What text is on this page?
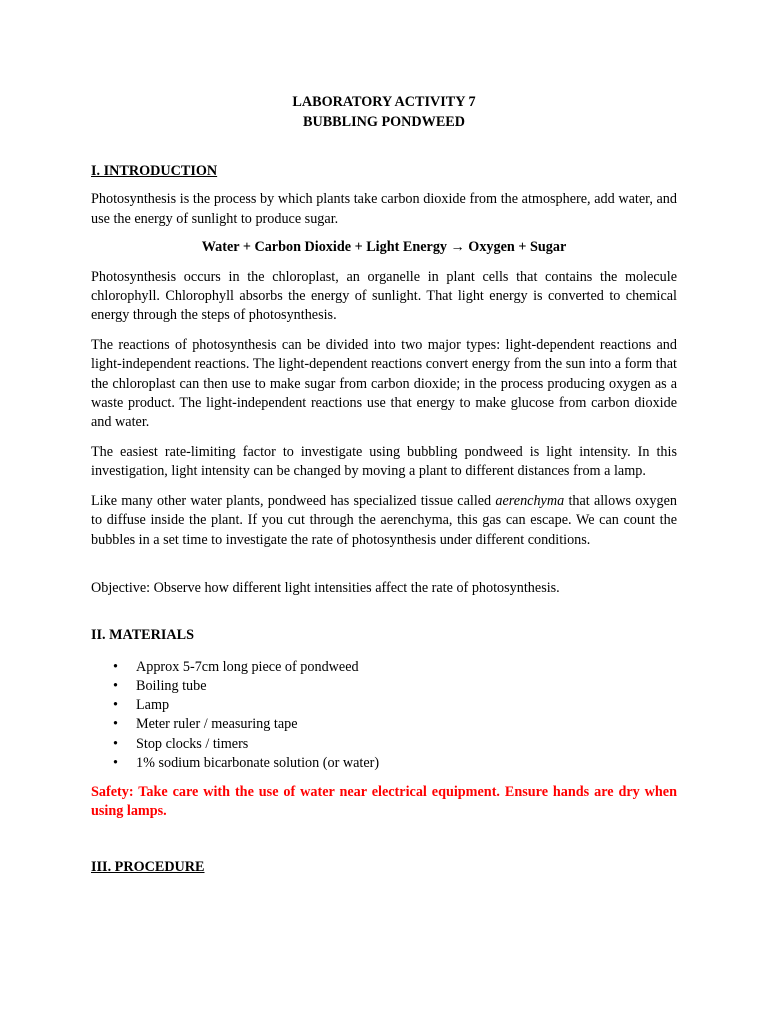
LABORATORY ACTIVITY 7
BUBBLING PONDWEED
I. INTRODUCTION

Photosynthesis is the process by which plants take carbon dioxide from the atmosphere, add water, and use the energy of sunlight to produce sugar.

Water + Carbon Dioxide + Light Energy → Oxygen + Sugar

Photosynthesis occurs in the chloroplast, an organelle in plant cells that contains the molecule chlorophyll. Chlorophyll absorbs the energy of sunlight. That light energy is converted to chemical energy through the steps of photosynthesis.

The reactions of photosynthesis can be divided into two major types: light-dependent reactions and light-independent reactions. The light-dependent reactions convert energy from the sun into a form that the chloroplast can then use to make sugar from carbon dioxide; in the process producing oxygen as a waste product. The light-independent reactions use that energy to make glucose from carbon dioxide and water.

The easiest rate-limiting factor to investigate using bubbling pondweed is light intensity. In this investigation, light intensity can be changed by moving a plant to different distances from a lamp.

Like many other water plants, pondweed has specialized tissue called aerenchyma that allows oxygen to diffuse inside the plant. If you cut through the aerenchyma, this gas can escape. We can count the bubbles in a set time to investigate the rate of photosynthesis under different conditions.

Objective: Observe how different light intensities affect the rate of photosynthesis.

II. MATERIALS
• Approx 5-7cm long piece of pondweed
• Boiling tube
• Lamp
• Meter ruler / measuring tape
• Stop clocks / timers
• 1% sodium bicarbonate solution (or water)

Safety: Take care with the use of water near electrical equipment. Ensure hands are dry when using lamps.

III. PROCEDURE
